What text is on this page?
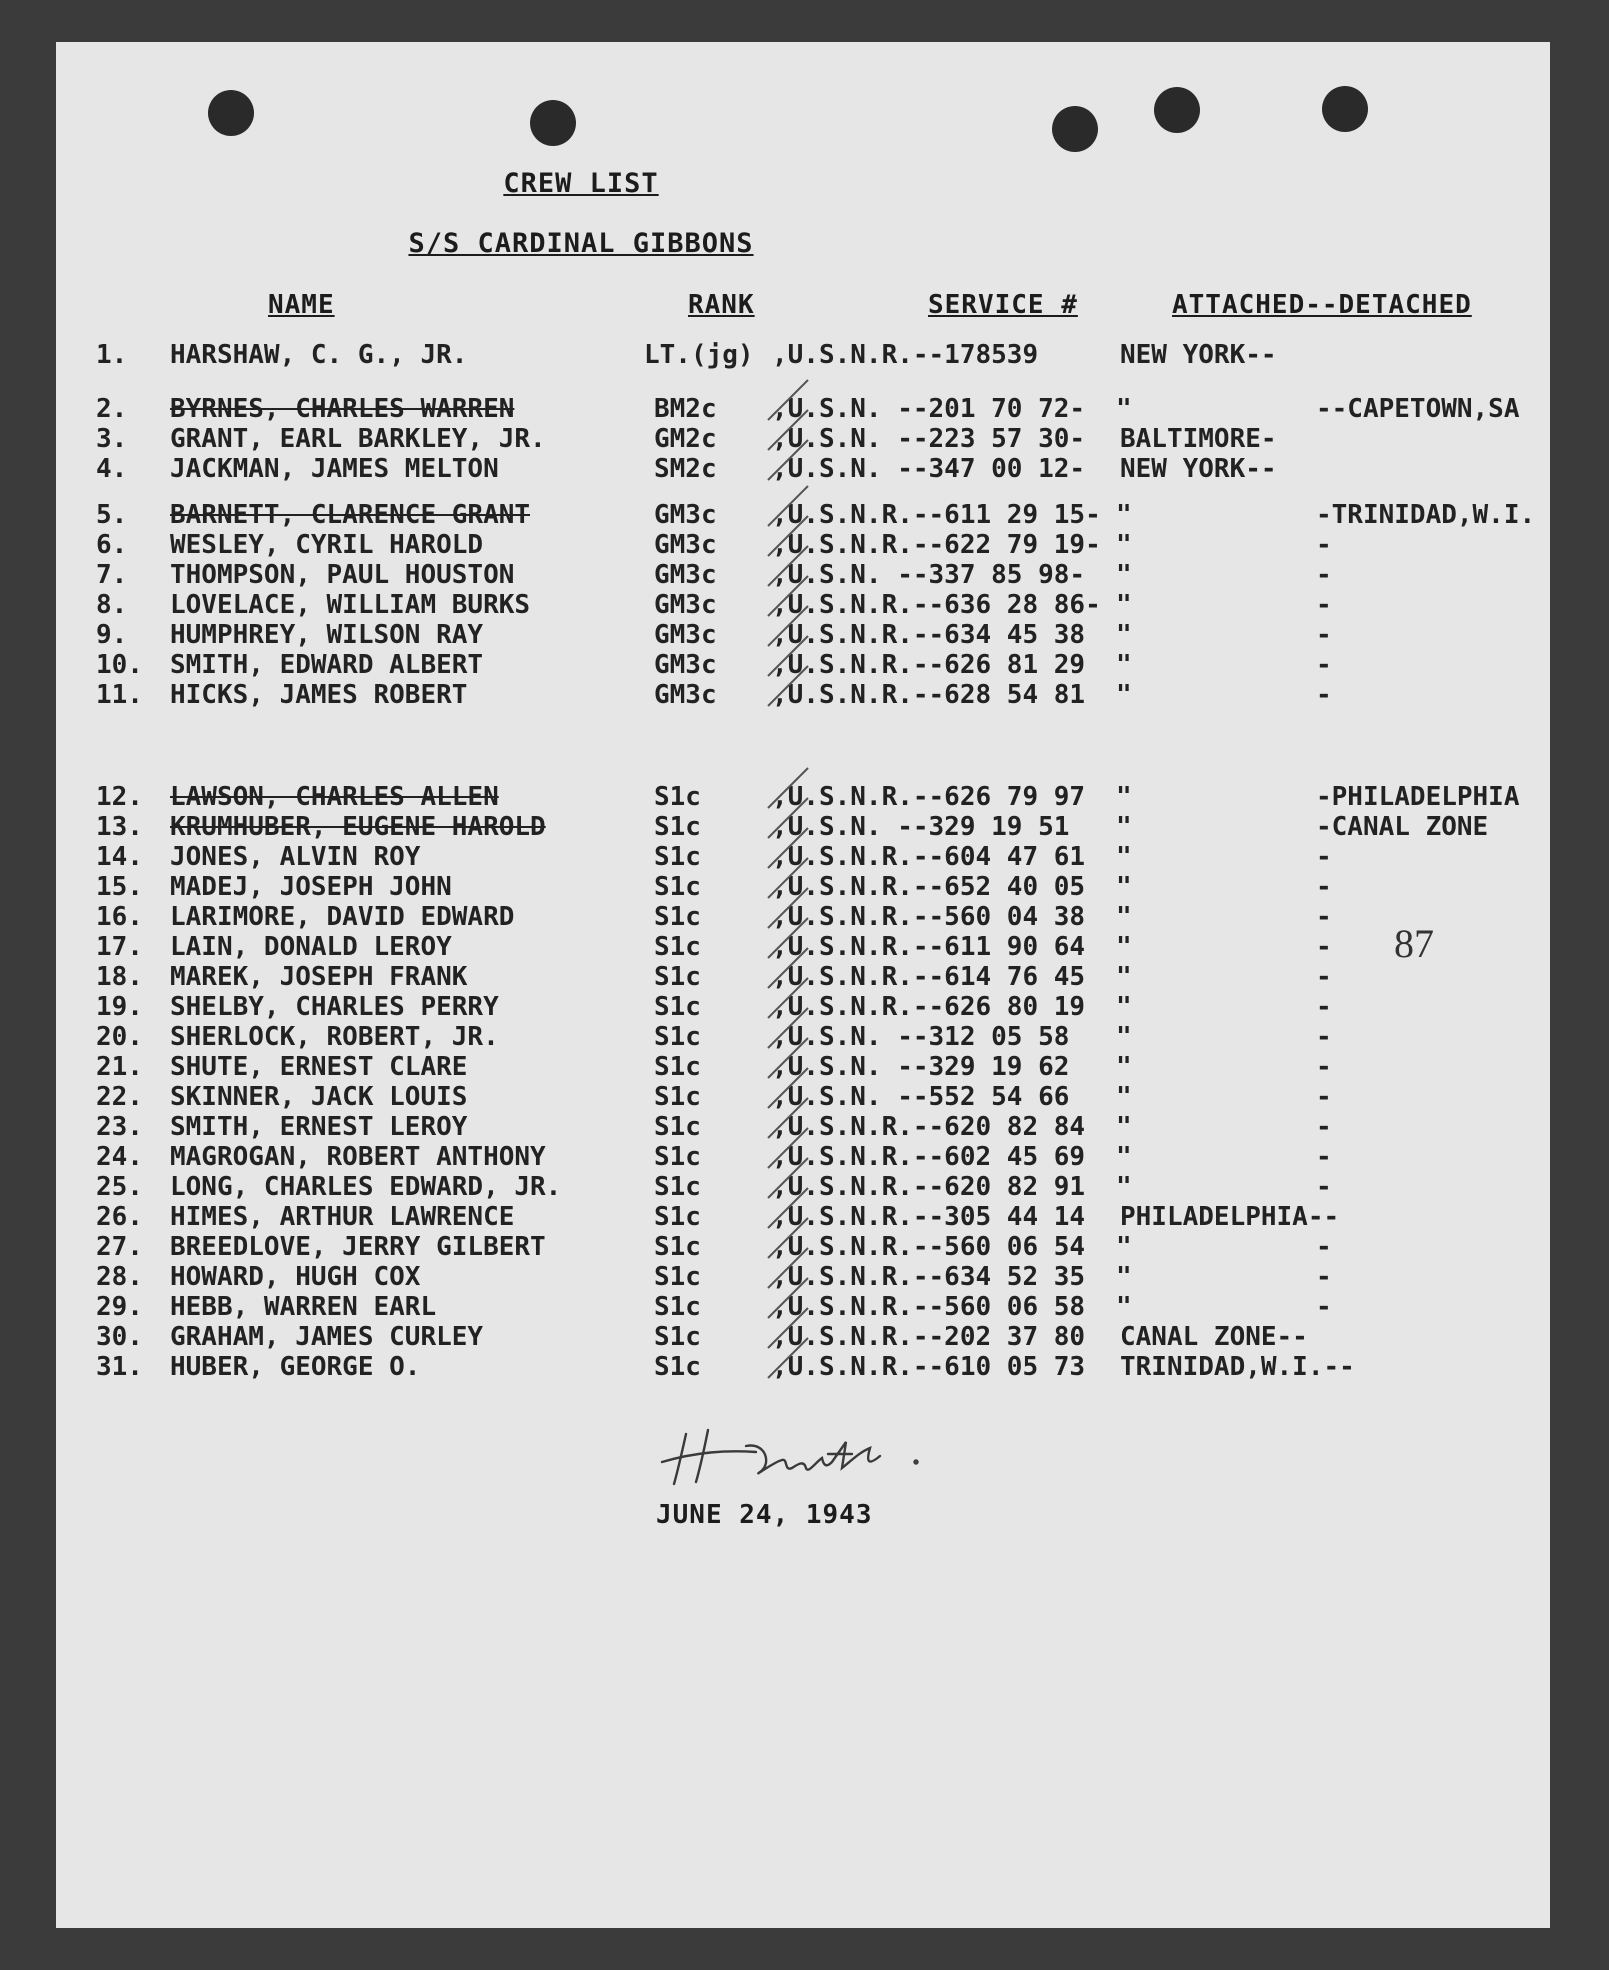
CREW LIST
S/S CARDINAL GIBBONS
NAME	RANK	SERVICE #	ATTACHED--DETACHED
1.	HARSHAW, C. G., JR.	LT.(jg) ,U.S.N.R.--178539	NEW YORK--
2.	BYRNES, CHARLES WARREN	BM2c ,U.S.N. --201 70 72- "	--CAPETOWN,SA
3.	GRANT, EARL BARKLEY, JR.	GM2c ,U.S.N. --223 57 30- BALTIMORE-
4.	JACKMAN, JAMES MELTON	SM2c ,U.S.N. --347 00 12- NEW YORK--
5.	BARNETT, CLARENCE GRANT	GM3c ,U.S.N.R.--611 29 15- "	-TRINIDAD,W.I.
6.	WESLEY, CYRIL HAROLD	GM3c ,U.S.N.R.--622 79 19- "	-
7.	THOMPSON, PAUL HOUSTON	GM3c ,U.S.N. --337 85 98- "	-
8.	LOVELACE, WILLIAM BURKS	GM3c ,U.S.N.R.--636 28 86- "	-
9.	HUMPHREY, WILSON RAY	GM3c ,U.S.N.R.--634 45 38 "	-
10.	SMITH, EDWARD ALBERT	GM3c ,U.S.N.R.--626 81 29 "	-
11.	HICKS, JAMES ROBERT	GM3c ,U.S.N.R.--628 54 81 "	-
12.	LAWSON, CHARLES ALLEN	S1c	,U.S.N.R.--626 79 97 "	-PHILADELPHIA
13.	KRUMHUBER, EUGENE HAROLD	S1c	,U.S.N. --329 19 51 "	-CANAL ZONE
14.	JONES, ALVIN ROY	S1c	,U.S.N.R.--604 47 61 "	-
15.	MADEJ, JOSEPH JOHN	S1c	,U.S.N.R.--652 40 05 "	-
16.	LARIMORE, DAVID EDWARD	S1c	,U.S.N.R.--560 04 38 "	-
17.	LAIN, DONALD LEROY	S1c	,U.S.N.R.--611 90 64 "	-
18.	MAREK, JOSEPH FRANK	S1c	,U.S.N.R.--614 76 45 "	-
19.	SHELBY, CHARLES PERRY	S1c	,U.S.N.R.--626 80 19 "	-
20.	SHERLOCK, ROBERT, JR.	S1c	,U.S.N. --312 05 58 "	-
21.	SHUTE, ERNEST CLARE	S1c	,U.S.N. --329 19 62 "	-
22.	SKINNER, JACK LOUIS	S1c	,U.S.N. --552 54 66 "	-
23.	SMITH, ERNEST LEROY	S1c	,U.S.N.R.--620 82 84 "	-
24.	MAGROGAN, ROBERT ANTHONY	S1c	,U.S.N.R.--602 45 69 "	-
25.	LONG, CHARLES EDWARD, JR.	S1c	,U.S.N.R.--620 82 91 "	-
26.	HIMES, ARTHUR LAWRENCE	S1c	,U.S.N.R.--305 44 14 PHILADELPHIA--
27.	BREEDLOVE, JERRY GILBERT	S1c	,U.S.N.R.--560 06 54 "	-
28.	HOWARD, HUGH COX	S1c	,U.S.N.R.--634 52 35 "	-
29.	HEBB, WARREN EARL	S1c	,U.S.N.R.--560 06 58 "	-
30.	GRAHAM, JAMES CURLEY	S1c	,U.S.N.R.--202 37 80 CANAL ZONE--
31.	HUBER, GEORGE O.	S1c	,U.S.N.R.--610 05 73 TRINIDAD,W.I.--
87
JUNE 24, 1943
